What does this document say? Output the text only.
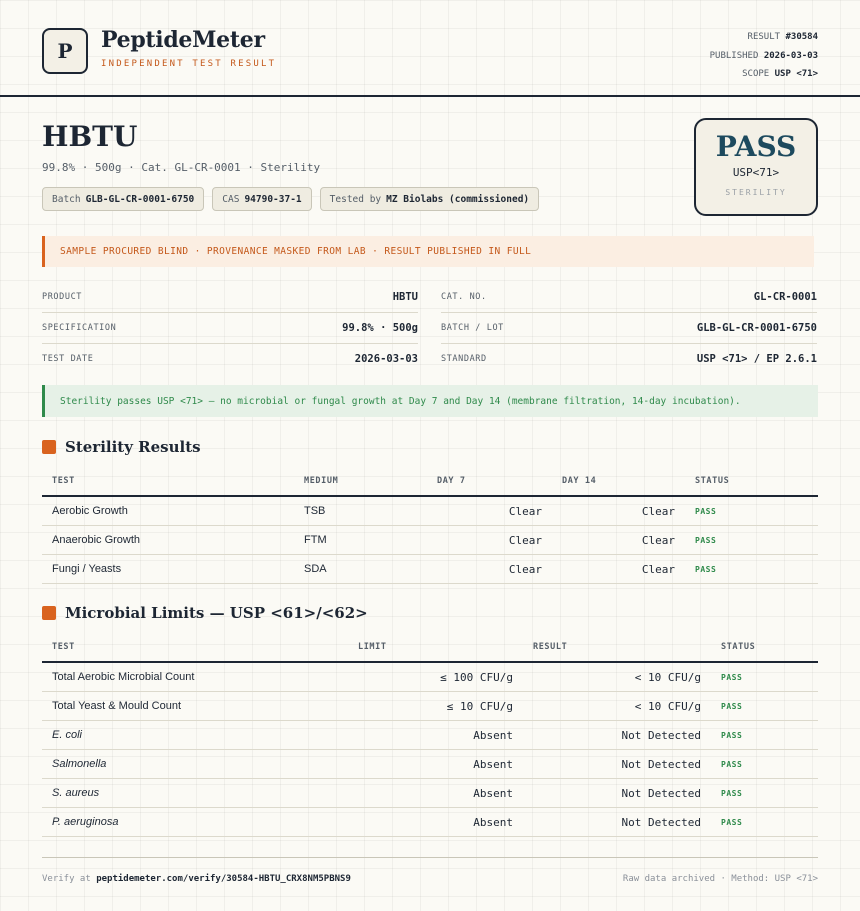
P	PeptideMeter
INDEPENDENT TEST RESULT
RESULT #30584
PUBLISHED 2026-03-03
SCOPE USP <71>
HBTU
99.8% · 500g · Cat. GL-CR-0001 · Sterility
Batch GLB-GL-CR-0001-6750	CAS 94790-37-1	Tested by MZ Biolabs (commissioned)
PASS
USP<71>
STERILITY
SAMPLE PROCURED BLIND · PROVENANCE MASKED FROM LAB · RESULT PUBLISHED IN FULL
PRODUCT	HBTU
SPECIFICATION	99.8% · 500g
TEST DATE	2026-03-03
CAT. NO.	GL-CR-0001
BATCH / LOT	GLB-GL-CR-0001-6750
STANDARD	USP <71> / EP 2.6.1
Sterility passes USP <71> — no microbial or fungal growth at Day 7 and Day 14 (membrane filtration, 14-day incubation).
Sterility Results
TEST	MEDIUM	DAY 7	DAY 14	STATUS
Aerobic Growth	TSB	Clear	Clear	PASS
Anaerobic Growth	FTM	Clear	Clear	PASS
Fungi / Yeasts	SDA	Clear	Clear	PASS
Microbial Limits — USP <61>/<62>
TEST	LIMIT	RESULT	STATUS
Total Aerobic Microbial Count	≤ 100 CFU/g	< 10 CFU/g	PASS
Total Yeast & Mould Count	≤ 10 CFU/g	< 10 CFU/g	PASS
E. coli	Absent	Not Detected	PASS
Salmonella	Absent	Not Detected	PASS
S. aureus	Absent	Not Detected	PASS
P. aeruginosa	Absent	Not Detected	PASS
Verify at peptidemeter.com/verify/30584-HBTU_CRX8NM5PBNS9	Raw data archived · Method: USP <71>
